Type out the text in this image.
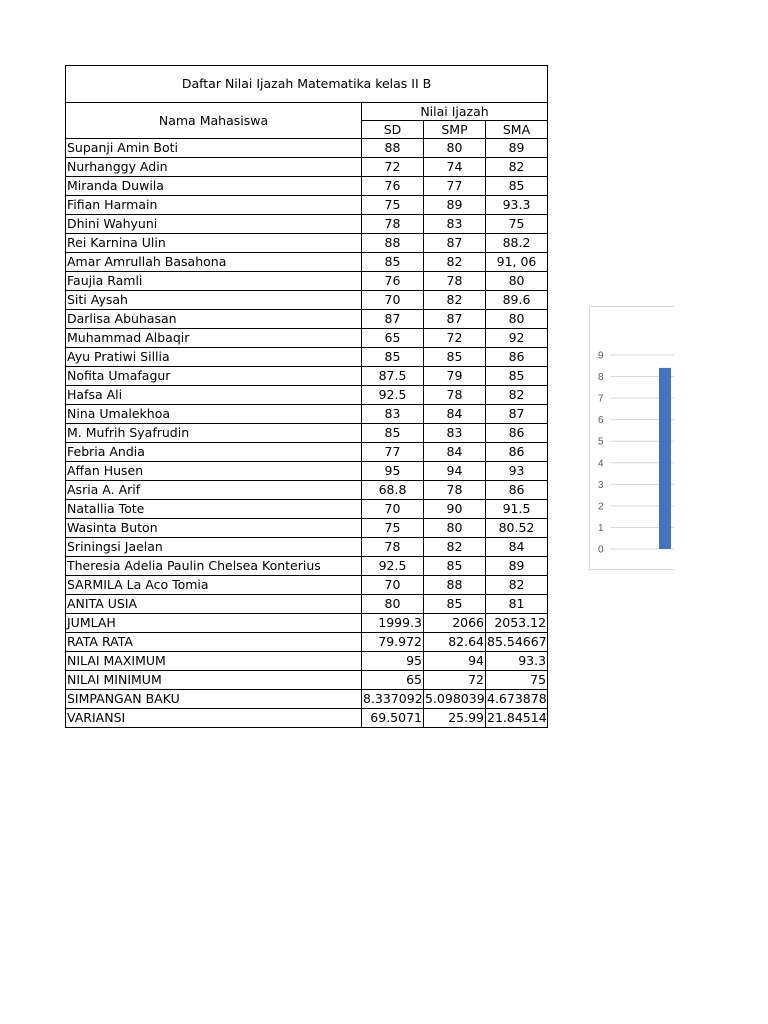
Daftar Nilai Ijazah Matematika kelas II B			
Nama Mahasiswa	Nilai Ijazah		
	SD	SMP	SMA
Supanji Amin Boti	88	80	89
Nurhanggy Adin	72	74	82
Miranda Duwila	76	77	85
Fifian Harmain	75	89	93.3
Dhini Wahyuni	78	83	75
Rei Karnina Ulin	88	87	88.2
Amar Amrullah Basahona	85	82	91, 06
Faujia Ramli	76	78	80
Siti Aysah	70	82	89.6
Darlisa Abuhasan	87	87	80
Muhammad Albaqir	65	72	92
Ayu Pratiwi Sillia	85	85	86
Nofita Umafagur	87.5	79	85
Hafsa Ali	92.5	78	82
Nina Umalekhoa	83	84	87
M. Mufrih Syafrudin	85	83	86
Febria Andia	77	84	86
Affan Husen	95	94	93
Asria A. Arif	68.8	78	86
Natallia Tote	70	90	91.5
Wasinta Buton	75	80	80.52
Sriningsi Jaelan	78	82	84
Theresia Adelia Paulin Chelsea Konterius	92.5	85	89
SARMILA La Aco Tomia	70	88	82
ANITA USIA	80	85	81
JUMLAH	1999.3	2066	2053.12
RATA RATA	79.972	82.64	85.54667
NILAI MAXIMUM	95	94	93.3
NILAI MINIMUM	65	72	75
SIMPANGAN BAKU	8.337092	5.098039	4.673878
VARIANSI	69.5071	25.99	21.84514
0
1
2
3
4
5
6
7
8
9
